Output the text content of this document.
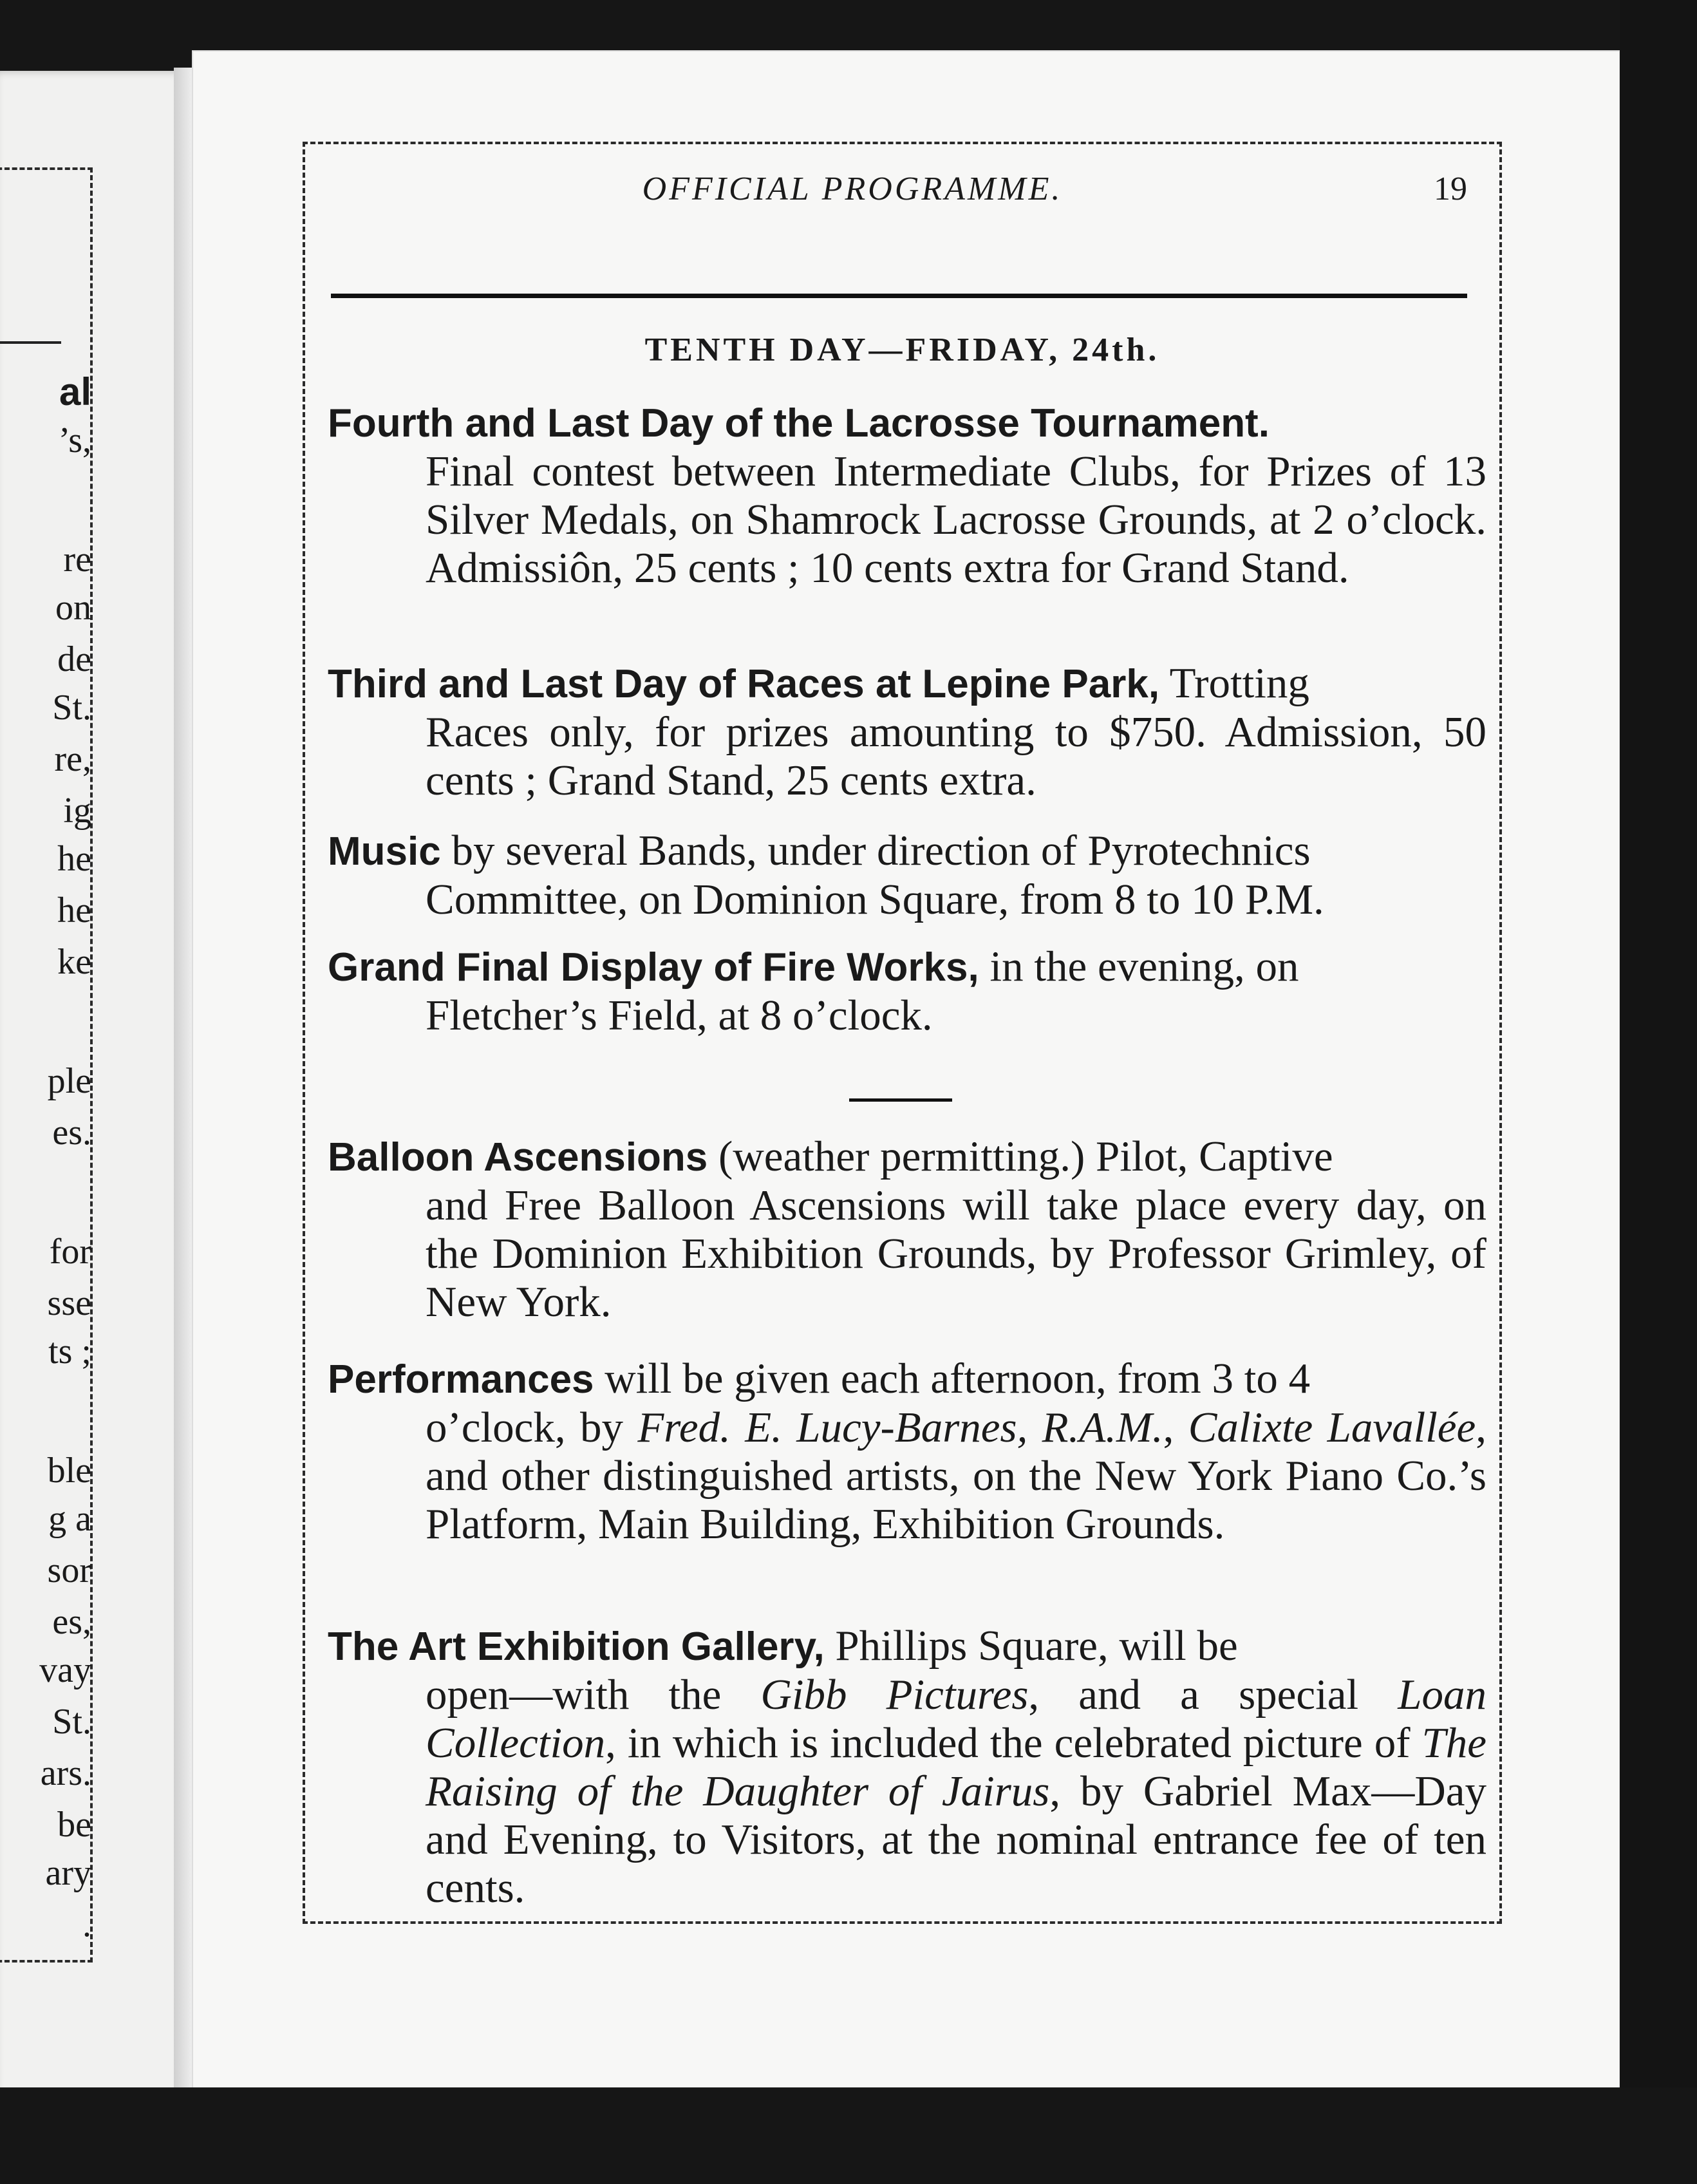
al
’s,
re
on
de
St.
re,
ig
he
he
ke
ple
es.
for
sse
ts ;
ble
g a
sor
es,
vay
St.
ars.
be
ary
.
OFFICIAL PROGRAMME.	19
TENTH DAY—FRIDAY, 24th.
Fourth and Last Day of the Lacrosse Tournament.
Final contest between Intermediate Clubs, for Prizes of 13 Silver Medals, on Shamrock Lacrosse Grounds, at 2 o’clock. Admissiôn, 25 cents ; 10 cents extra for Grand Stand.
Third and Last Day of Races at Lepine Park, Trotting
Races only, for prizes amounting to $750. Admission, 50 cents ; Grand Stand, 25 cents extra.
Music by several Bands, under direction of Pyrotechnics
Committee, on Dominion Square, from 8 to 10 P.M.
Grand Final Display of Fire Works, in the evening, on
Fletcher’s Field, at 8 o’clock.
Balloon Ascensions (weather permitting.) Pilot, Captive
and Free Balloon Ascensions will take place every day, on the Dominion Exhibition Grounds, by Professor Grimley, of New York.
Performances will be given each afternoon, from 3 to 4
o’clock, by Fred. E. Lucy-Barnes, R.A.M., Calixte Lavallée, and other distinguished artists, on the New York Piano Co.’s Platform, Main Building, Exhibition Grounds.
The Art Exhibition Gallery, Phillips Square, will be
open—with the Gibb Pictures, and a special Loan Collection, in which is included the celebrated picture of The Raising of the Daughter of Jairus, by Gabriel Max—Day and Evening, to Visitors, at the nominal entrance fee of ten cents.
